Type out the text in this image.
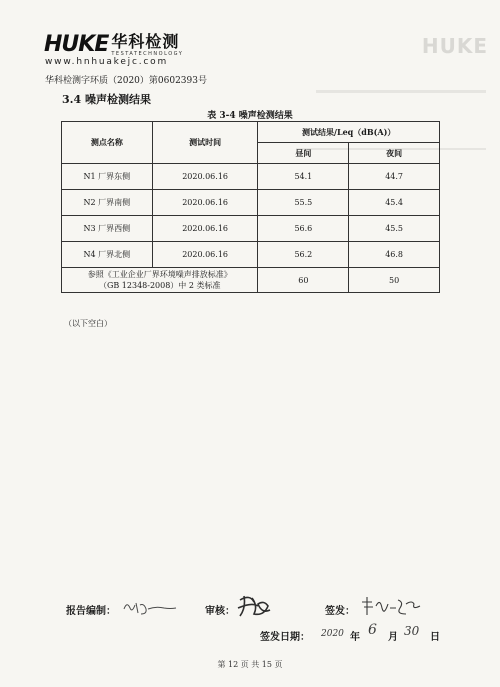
HUKE
HUKE 华科检测
TESTATECHNOLOGY
www.hnhuakejc.com
华科检测字环质（2020）第0602393号
3.4 噪声检测结果
表 3-4 噪声检测结果
测点名称	测试时间	测试结果/Leq（dB(A)）	
		昼间	夜间
N1 厂界东侧	2020.06.16	54.1	44.7
N2 厂界南侧	2020.06.16	55.5	45.4
N3 厂界西侧	2020.06.16	56.6	45.5
N4 厂界北侧	2020.06.16	56.2	46.8

参照《工业企业厂界环境噪声排放标准》
（GB 12348-2008）中 2 类标准		60	50
（以下空白）
报告编制：	审核：	签发：
签发日期： 2020 年 6 月 30 日
第 12 页 共 15 页
